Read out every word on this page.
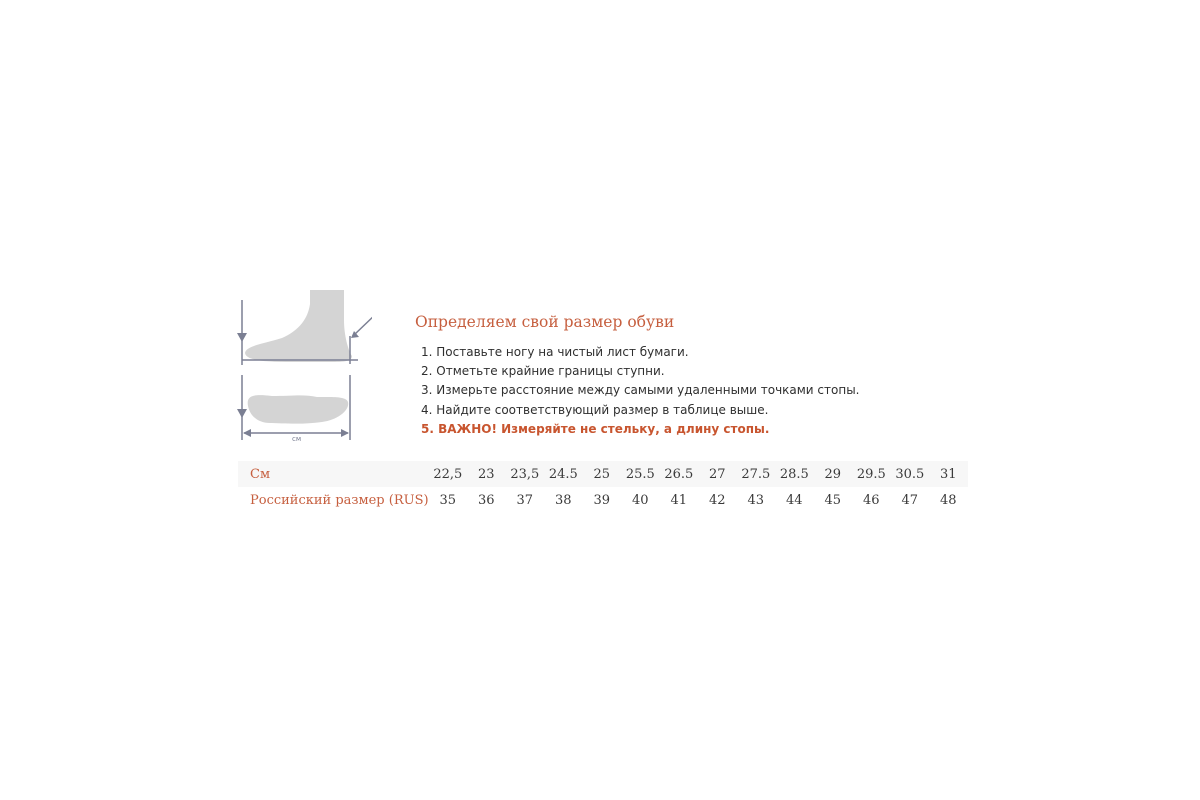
см
Определяем свой размер обуви
1. Поставьте ногу на чистый лист бумаги.
2. Отметьте крайние границы ступни.
3. Измерьте расстояние между самыми удаленными точками стопы.
4. Найдите соответствующий размер в таблице выше.
5. ВАЖНО! Измеряйте не стельку, а длину стопы.
См	22,5	23	23,5	24.5	25	25.5	26.5	27	27.5	28.5	29	29.5	30.5	31
Российский размер (RUS)	35	36	37	38	39	40	41	42	43	44	45	46	47	48
